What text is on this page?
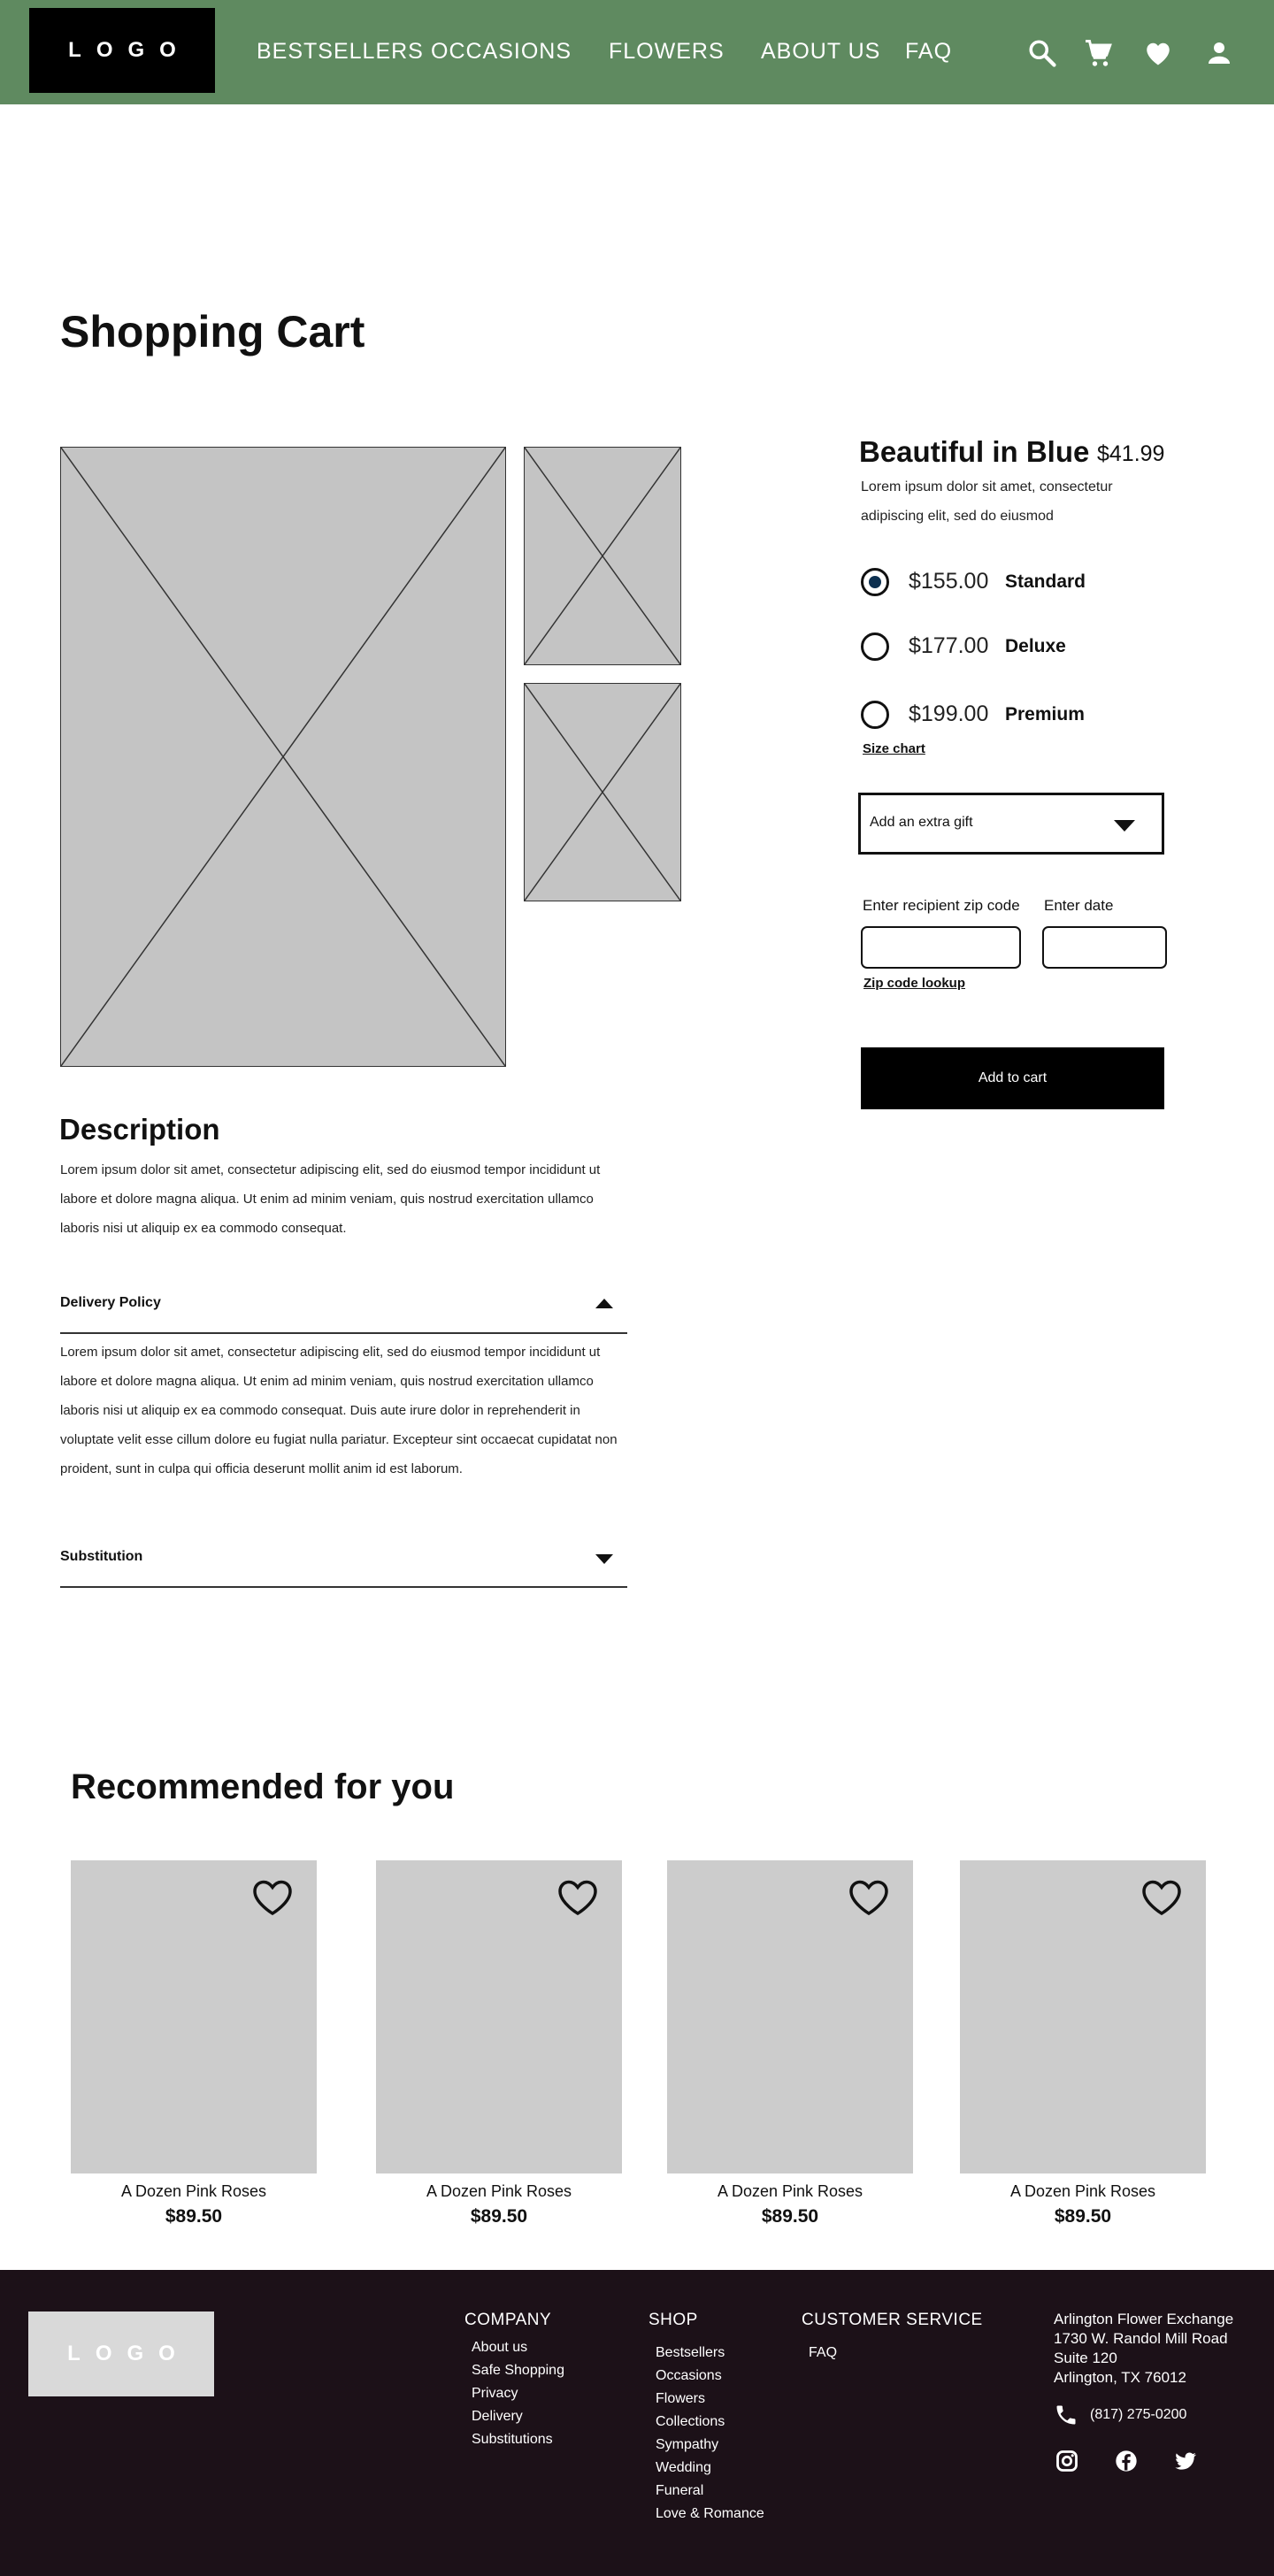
LOGO	BESTSELLERS OCCASIONS FLOWERS ABOUT US FAQ
Shopping Cart
Beautiful in Blue $41.99
Lorem ipsum dolor sit amet, consectetur adipiscing elit, sed do eiusmod
$155.00 Standard
$177.00 Deluxe
$199.00 Premium
Size chart
Add an extra gift
Enter recipient zip code Enter date
Zip code lookup
Add to cart
Description
Lorem ipsum dolor sit amet, consectetur adipiscing elit, sed do eiusmod tempor incididunt ut labore et dolore magna aliqua. Ut enim ad minim veniam, quis nostrud exercitation ullamco laboris nisi ut aliquip ex ea commodo consequat.
Delivery Policy
Lorem ipsum dolor sit amet, consectetur adipiscing elit, sed do eiusmod tempor incididunt ut labore et dolore magna aliqua. Ut enim ad minim veniam, quis nostrud exercitation ullamco laboris nisi ut aliquip ex ea commodo consequat. Duis aute irure dolor in reprehenderit in voluptate velit esse cillum dolore eu fugiat nulla pariatur. Excepteur sint occaecat cupidatat non proident, sunt in culpa qui officia deserunt mollit anim id est laborum.
Substitution
Recommended for you
A Dozen Pink Roses
$89.50
A Dozen Pink Roses
$89.50
A Dozen Pink Roses
$89.50
A Dozen Pink Roses
$89.50
LOGO
COMPANY
About us
Safe Shopping
Privacy
Delivery
Substitutions
SHOP
Bestsellers
Occasions
Flowers
Collections
Sympathy
Wedding
Funeral
Love & Romance
CUSTOMER SERVICE
FAQ
Arlington Flower Exchange
1730 W. Randol Mill Road
Suite 120
Arlington, TX 76012
(817) 275-0200
